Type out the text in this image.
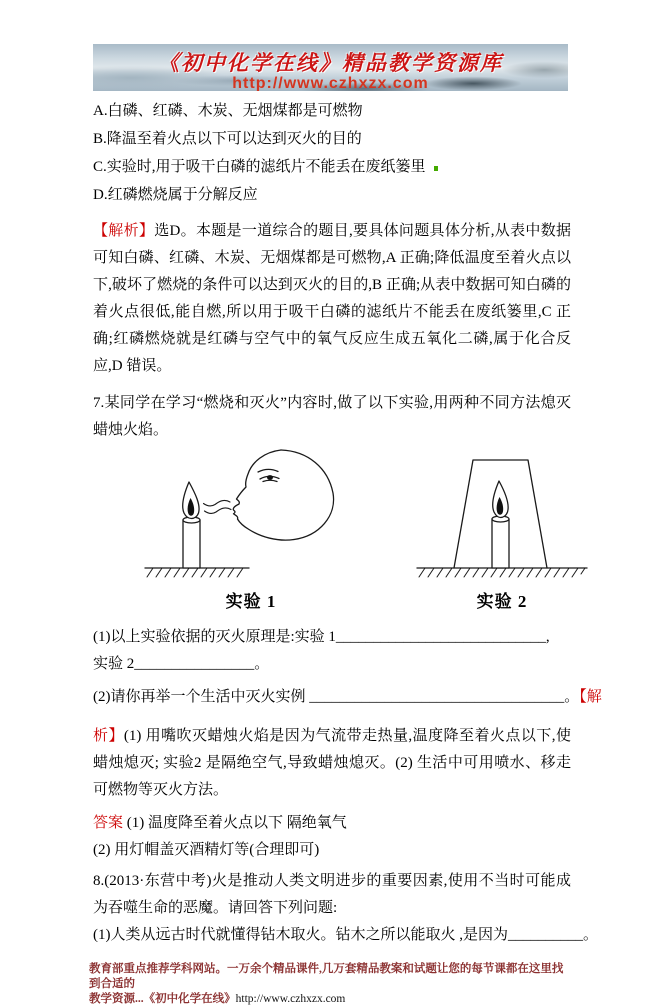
《初中化学在线》精品教学资源库
http://www.czhxzx.com
A.白磷、红磷、木炭、无烟煤都是可燃物
B.降温至着火点以下可以达到灭火的目的
C.实验时,用于吸干白磷的滤纸片不能丢在废纸篓里
D.红磷燃烧属于分解反应
【解析】选D。本题是一道综合的题目,要具体问题具体分析,从表中数据可知白磷、红磷、木炭、无烟煤都是可燃物,A 正确;降低温度至着火点以下,破坏了燃烧的条件可以达到灭火的目的,B 正确;从表中数据可知白磷的着火点很低,能自燃,所以用于吸干白磷的滤纸片不能丢在废纸篓里,C 正确;红磷燃烧就是红磷与空气中的氧气反应生成五氧化二磷,属于化合反应,D 错误。
7.某同学在学习“燃烧和灭火”内容时,做了以下实验,用两种不同方法熄灭蜡烛火焰。
实验 1	实验 2
(1)以上实验依据的灭火原理是:实验 1____________________________,
实验 2________________。
(2)请你再举一个生活中灭火实例 __________________________________。【解
析】(1) 用嘴吹灭蜡烛火焰是因为气流带走热量,温度降至着火点以下,使蜡烛熄灭; 实验2 是隔绝空气,导致蜡烛熄灭。(2) 生活中可用喷水、移走可燃物等灭火方法。
答案 (1) 温度降至着火点以下 隔绝氧气
(2) 用灯帽盖灭酒精灯等(合理即可)
8.(2013·东营中考)火是推动人类文明进步的重要因素,使用不当时可能成为吞噬生命的恶魔。请回答下列问题:
(1)人类从远古时代就懂得钻木取火。钻木之所以能取火 ,是因为__________。
教育部重点推荐学科网站。一万余个精品课件,几万套精品教案和试题让您的每节课都在这里找到合适的
教学资源...《初中化学在线》http://www.czhxzx.com
